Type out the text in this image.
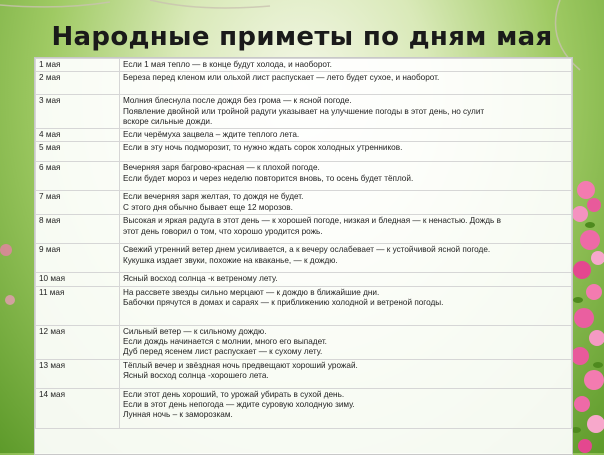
Народные приметы по дням мая
1 мая	Если 1 мая тепло — в конце будут холода, и наоборот.

2 мая	Береза перед кленом или ольхой лист распускает — лето будет сухое, и наоборот.

3 мая	Молния блеснула после дождя без грома — к ясной погоде.
Появление двойной или тройной радуги указывает на улучшение погоды в этот день, но сулит
вскоре сильные дожди.

4 мая	Если черёмуха зацвела – ждите теплого лета.

5 мая	Если в эту ночь подморозит, то нужно ждать сорок холодных утренников.

6 мая	Вечерняя заря багрово-красная — к плохой погоде.
Если будет мороз и через неделю повторится вновь, то осень будет тёплой.

7 мая	Если вечерняя заря желтая, то дождя не будет.
С этого дня обычно бывает еще 12 морозов.

8 мая	Высокая и яркая радуга в этот день — к хорошей погоде, низкая и бледная — к ненастью. Дождь в
этот день говорил о том, что хорошо уродится рожь.

9 мая	Свежий утренний ветер днем усиливается, а к вечеру ослабевает — к устойчивой ясной погоде.
Кукушка издает звуки, похожие на кваканье, — к дождю.

10 мая	Ясный восход солнца -к ветреному лету.

11 мая	На рассвете звезды сильно мерцают — к дождю в ближайшие дни.
Бабочки прячутся в домах и сараях — к приближению холодной и ветреной погоды.

12 мая	Сильный ветер — к сильному дождю.
Если дождь начинается с молнии, много его выпадет.
Дуб перед ясенем лист распускает — к сухому лету.

13 мая	Тёплый вечер и звёздная ночь предвещают хороший урожай.
Ясный восход солнца -хорошего лета.

14 мая	Если этот день хороший, то урожай убирать в сухой день.
Если в этот день непогода — ждите суровую холодную зиму.
Лунная ночь – к заморозкам.
